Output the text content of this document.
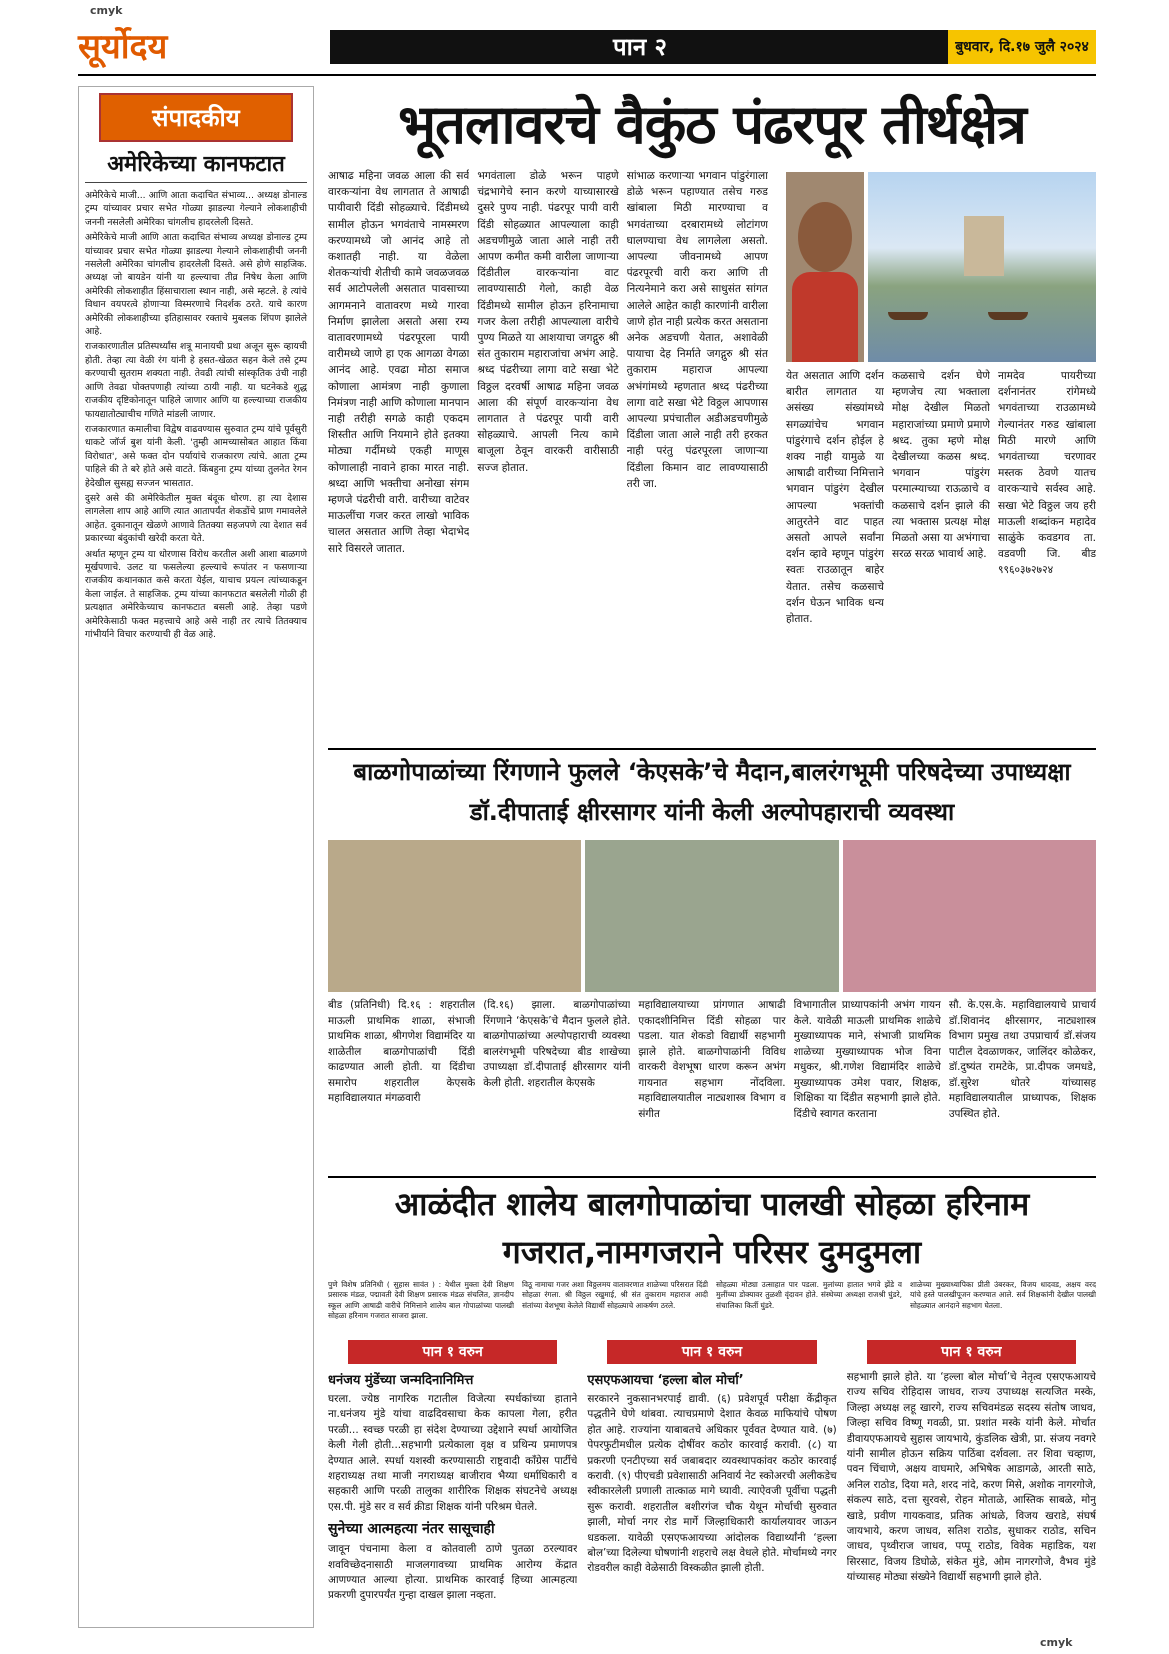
cmyk
सूर्योदय	पान २	बुधवार, दि.१७ जुलै २०२४
संपादकीय
अमेरिकेच्या कानफटात

अमेरिकेचे माजी... आणि आता कदाचित संभाव्य... अध्यक्ष डोनाल्ड ट्रम्प यांच्यावर प्रचार सभेत गोळ्या झाडल्या गेल्याने लोकशाहीची जननी नसलेली अमेरिका चांगलीच हादरलेली दिसते.

अमेरिकेचे माजी आणि आता कदाचित संभाव्य अध्यक्ष डोनाल्ड ट्रम्प यांच्यावर प्रचार सभेत गोळ्या झाडल्या गेल्याने लोकशाहीची जननी नसलेली अमेरिका चांगलीच हादरलेली दिसते. असे होणे साहजिक. अध्यक्ष जो बायडेन यांनी या हल्ल्याचा तीव्र निषेध केला आणि अमेरिकी लोकशाहीत हिंसाचाराला स्थान नाही, असे म्हटले. हे त्यांचे विधान वयपरत्वे होणाऱ्या विस्मरणाचे निदर्शक ठरते. याचे कारण अमेरिकी लोकशाहीच्या इतिहासावर रक्ताचे मुबलक शिंपण झालेले आहे.

राजकारणातील प्रतिस्पर्ध्यांस शत्रू मानायची प्रथा अजून सुरू व्हायची होती. तेव्हा त्या वेळी रंग यांनी हे हसत-खेळत सहन केले तसे ट्रम्प करण्याची सुतराम शक्यता नाही. तेवढी त्यांची सांस्कृतिक उंची नाही आणि तेवढा पोक्तपणाही त्यांच्या ठायी नाही. या घटनेकडे शुद्ध राजकीय दृष्टिकोनातून पाहिले जाणार आणि या हल्ल्याच्या राजकीय फायद्यातोट्याचीच गणिते मांडली जाणार.

राजकारणात कमालीचा विद्वेष वाढवण्यास सुरुवात ट्रम्प यांचे पूर्वसुरी धाकटे जॉर्ज बुश यांनी केली. 'तुम्ही आमच्यासोबत आहात किंवा विरोधात', असे फक्त दोन पर्यायांचे राजकारण त्यांचे. आता ट्रम्प पाहिले की ते बरे होते असे वाटते. किंबहुना ट्रम्प यांच्या तुलनेत रेगन हेदेखील सुसह्य सज्जन भासतात.

दुसरे असे की अमेरिकेतील मुक्त बंदूक धोरण. हा त्या देशास लागलेला शाप आहे आणि त्यात आतापर्यंत शेकडोंचे प्राण गमावलेले आहेत. दुकानातून खेळणे आणावे तितक्या सहजपणे त्या देशात सर्व प्रकारच्या बंदुकांची खरेदी करता येते.

अर्थात म्हणून ट्रम्प या धोरणास विरोध करतील अशी आशा बाळगणे मूर्खपणाचे. उलट या फसलेल्या हल्ल्याचे रूपांतर न फसणाऱ्या राजकीय कथानकात कसे करता येईल, याचाच प्रयत्न त्यांच्याकडून केला जाईल. ते साहजिक. ट्रम्प यांच्या कानफटात बसलेली गोळी ही प्रत्यक्षात अमेरिकेच्याच कानफटात बसली आहे. तेव्हा पडणे अमेरिकेसाठी फक्त महत्त्वाचे आहे असे नाही तर त्याचे तितक्याच गांभीर्याने विचार करण्याची ही वेळ आहे.

भूतलावरचे वैकुंठ पंढरपूर तीर्थक्षेत्र

आषाढ महिना जवळ आला की सर्व वारकऱ्यांना वेध लागतात ते आषाढी पायीवारी दिंडी सोहळ्याचे. दिंडीमध्ये सामील होऊन भगवंताचे नामस्मरण करण्यामध्ये जो आनंद आहे तो कशातही नाही. या वेळेला शेतकऱ्यांची शेतीची कामे जवळजवळ सर्व आटोपलेली असतात पावसाच्या आगमनाने वातावरण मध्ये गारवा निर्माण झालेला असतो असा रम्य वातावरणामध्ये पंढरपूरला पायी वारीमध्ये जाणे हा एक आगळा वेगळा आनंद आहे. एवढा मोठा समाज कोणाला आमंत्रण नाही कुणाला निमंत्रण नाही आणि कोणाला मानपान नाही तरीही सगळे काही एकदम शिस्तीत आणि नियमाने होते इतक्या मोठ्या गर्दीमध्ये एकही माणूस कोणालाही नावाने हाका मारत नाही. श्रध्दा आणि भक्तीचा अनोखा संगम म्हणजे पंढरीची वारी. वारीच्या वाटेवर माऊलींचा गजर करत लाखो भाविक चालत असतात आणि तेव्हा भेदाभेद सारे विसरले जातात.

भगवंताला डोळे भरून पाहणे चंद्रभागेचे स्नान करणे याच्यासारखे दुसरे पुण्य नाही. पंढरपूर पायी वारी दिंडी सोहळ्यात आपल्याला काही अडचणीमुळे जाता आले नाही तरी आपण कमीत कमी वारीला जाणाऱ्या दिंडीतील वारकऱ्यांना वाट लावण्यासाठी गेलो, काही वेळ दिंडीमध्ये सामील होऊन हरिनामाचा गजर केला तरीही आपल्याला वारीचे पुण्य मिळते या आशयाचा जगद्गुरु श्री संत तुकाराम महाराजांचा अभंग आहे. श्रध्द पंढरीच्या लागा वाटे सखा भेटे विठ्ठल दरवर्षी आषाढ महिना जवळ आला की संपूर्ण वारकऱ्यांना वेध लागतात ते पंढरपूर पायी वारी सोहळ्याचे. आपली नित्य कामे बाजूला ठेवून वारकरी वारीसाठी सज्ज होतात.

सांभाळ करणाऱ्या भगवान पांडुरंगाला डोळे भरून पहाण्यात तसेच गरुड खांबाला मिठी मारण्याचा व भगवंताच्या दरबारामध्ये लोटांगण घालण्याचा वेध लागलेला असतो. आपल्या जीवनामध्ये आपण पंढरपूरची वारी करा आणि ती नित्यनेमाने करा असे साधुसंत सांगत आलेले आहेत काही कारणांनी वारीला जाणे होत नाही प्रत्येक करत असताना अनेक अडचणी येतात, अशावेळी पायाचा देह निर्माते जगद्गुरु श्री संत तुकाराम महाराज आपल्या अभंगांमध्ये म्हणतात श्रध्द पंढरीच्या लागा वाटे सखा भेटे विठ्ठल आपणास आपल्या प्रपंचातील अडीअडचणीमुळे दिंडीला जाता आले नाही तरी हरकत नाही परंतु पंढरपूरला जाणाऱ्या दिंडीला किमान वाट लावण्यासाठी तरी जा.

येत असतात आणि दर्शन बारीत लागतात या असंख्य संख्यांमध्ये सगळ्यांचेच भगवान पांडुरंगाचे दर्शन होईल हे शक्य नाही यामुळे या आषाढी वारीच्या निमित्ताने भगवान पांडुरंग देखील आपल्या भक्तांची आतुरतेने वाट पाहत असतो आपले सर्वांना दर्शन व्हावे म्हणून पांडुरंग स्वतः राउळातून बाहेर येतात. तसेच कळसाचे दर्शन घेऊन भाविक धन्य होतात.

कळसाचे दर्शन घेणे म्हणजेच त्या भक्ताला मोक्ष देखील मिळतो महाराजांच्या प्रमाणे प्रमाणे श्रध्द. तुका म्हणे मोक्ष देखीलच्या कळस श्रध्द. भगवान पांडुरंग परमात्म्याच्या राऊळाचे व कळसाचे दर्शन झाले की त्या भक्तास प्रत्यक्ष मोक्ष मिळतो असा या अभंगाचा सरळ सरळ भावार्थ आहे.

नामदेव पायरीच्या दर्शनानंतर रांगेमध्ये भगवंताच्या राउळामध्ये गेल्यानंतर गरुड खांबाला मिठी मारणे आणि भगवंताच्या चरणावर मस्तक ठेवणे यातच वारकऱ्याचे सर्वस्व आहे. सखा भेटे विठ्ठल जय हरी माऊली शब्दांकन महादेव साळुंके कवडगव ता. वडवणी जि. बीड ९९६०३७२७२४

बाळगोपाळांच्या रिंगणाने फुलले ‘केएसके’चे मैदान,बालरंगभूमी परिषदेच्या उपाध्यक्षा डॉ.दीपाताई क्षीरसागर यांनी केली अल्पोपहाराची व्यवस्था

बीड (प्रतिनिधी) दि.१६ : शहरातील माऊली प्राथमिक शाळा, संभाजी प्राथमिक शाळा, श्रीगणेश विद्यामंदिर या शाळेतील बाळगोपाळांची दिंडी काढण्यात आली होती. या दिंडीचा समारोप शहरातील केएसके महाविद्यालयात मंगळवारी

(दि.१६) झाला. बाळगोपाळांच्या रिंगणाने ‘केएसके’चे मैदान फुलले होते. बाळगोपाळांच्या अल्पोपहाराची व्यवस्था बालरंगभूमी परिषदेच्या बीड शाखेच्या उपाध्यक्षा डॉ.दीपाताई क्षीरसागर यांनी केली होती. शहरातील केएसके

महाविद्यालयाच्या प्रांगणात आषाढी एकादशीनिमित्त दिंडी सोहळा पार पडला. यात शेकडो विद्यार्थी सहभागी झाले होते. बाळगोपाळांनी विविध वारकरी वेशभूषा धारण करून अभंग गायनात सहभाग नोंदविला. महाविद्यालयातील नाट्यशास्त्र विभाग व संगीत

विभागातील प्राध्यापकांनी अभंग गायन केले. यावेळी माऊली प्राथमिक शाळेचे मुख्याध्यापक माने, संभाजी प्राथमिक शाळेच्या मुख्याध्यापक भोज विना मधुकर, श्री.गणेश विद्यामंदिर शाळेचे मुख्याध्यापक उमेश पवार, शिक्षक, शिक्षिका या दिंडीत सहभागी झाले होते. दिंडीचे स्वागत करताना

सौ. के.एस.के. महाविद्यालयाचे प्राचार्य डॉ.शिवानंद क्षीरसागर, नाट्यशास्त्र विभाग प्रमुख तथा उपप्राचार्य डॉ.संजय पाटील देवळाणकर, जालिंदर कोळेकर, डॉ.दुष्यंत रामटेके, प्रा.दीपक जमधडे, डॉ.सुरेश धोतरे यांच्यासह महाविद्यालयातील प्राध्यापक, शिक्षक उपस्थित होते.

आळंदीत शालेय बालगोपाळांचा पालखी सोहळा हरिनाम गजरात,नामगजराने परिसर दुमदुमला

पुणे विशेष प्रतिनिधी ( सुहास सावंत ) : येथील मुक्ता देवी शिक्षण प्रसारक मंडळ, पद्मावती देवी शिक्षण प्रसारक मंडळ संचलित, ज्ञानदीप स्कूल आणि आषाढी वारीचे निमित्ताने शालेय बाल गोपाळांच्या पालखी सोहळा हरिनाम गजरात साजरा झाला.

विठू नामाचा गजर अशा विठ्ठलमय वातावरणात शाळेच्या परिसरात दिंडी सोहळा रंगला. श्री विठ्ठल रखुमाई, श्री संत तुकाराम महाराज आदी संतांच्या वेशभूषा केलेले विद्यार्थी सोहळ्याचे आकर्षण ठरले.

सोहळ्या मोठ्या उत्साहात पार पडला. मुलांच्या हातात भगवे झेंडे व मुलींच्या डोक्यावर तुळशी वृंदावन होते. संस्थेच्या अध्यक्षा राजश्री घुंडरे, संचालिका किर्ती घुंडरे.

शाळेच्या मुख्याध्यापिका प्रीती उंबरकर, विजय धादवड, अक्षय वरद यांचे हस्ते पालखीपूजन करण्यात आले. सर्व शिक्षकांनी देखील पालखी सोहळ्यात आनंदाने सहभाग घेतला.

पान १ वरुन
धनंजय मुंडेंच्या जन्मदिनानिमित्त
घरला. ज्येष्ठ नागरिक गटातील विजेत्या स्पर्धकांच्या हाताने ना.धनंजय मुंडे यांचा वाढदिवसाचा केक कापला गेला, हरीत परळी... स्वच्छ परळी हा संदेश देण्याच्या उद्देशाने स्पर्धा आयोजित केली गेली होती...सहभागी प्रत्येकाला वृक्ष व प्रथिन्य प्रमाणपत्र देण्यात आले. स्पर्धा यशस्वी करण्यासाठी राष्ट्रवादी काँग्रेस पार्टीचे शहराध्यक्ष तथा माजी नगराध्यक्ष बाजीराव भैय्या धर्माधिकारी व सहकारी आणि परळी तालुका शारीरिक शिक्षक संघटनेचे अध्यक्ष एस.पी. मुंडे सर व सर्व क्रीडा शिक्षक यांनी परिश्रम घेतले.
सुनेच्या आत्महत्या नंतर सासूचाही
जावून पंचनामा केला व कोतवाली ठाणे पुतळा ठरल्यावर शवविच्छेदनासाठी माजलगावच्या प्राथमिक आरोग्य केंद्रात आणण्यात आल्या होत्या. प्राथमिक कारवाई हिच्या आत्महत्या प्रकरणी दुपारपर्यंत गुन्हा दाखल झाला नव्हता.
पान १ वरुन
एसएफआयचा ‘हल्ला बोल मोर्चा’
सरकारने नुकसानभरपाई द्यावी. (६) प्रवेशपूर्व परीक्षा केंद्रीकृत पद्धतीने घेणे थांबवा. त्याचप्रमाणे देशात केवळ माफियांचे पोषण होत आहे. राज्यांना याबाबतचे अधिकार पूर्ववत देण्यात यावे. (७) पेपरफुटीमधील प्रत्येक दोषींवर कठोर कारवाई करावी. (८) या प्रकरणी एनटीएच्या सर्व जबाबदार व्यवस्थापकांवर कठोर कारवाई करावी. (९) पीएचडी प्रवेशासाठी अनिवार्य नेट स्कोअरची अलीकडेच स्वीकारलेली प्रणाली तात्काळ मागे घ्यावी. त्याऐवजी पूर्वीचा पद्धती सुरू करावी. शहरातील बशीरगंज चौक येथून मोर्चाची सुरुवात झाली, मोर्चा नगर रोड मार्गे जिल्हाधिकारी कार्यालयावर जाऊन धडकला. यावेळी एसएफआयच्या आंदोलक विद्यार्थ्यांनी ‘हल्ला बोल’च्या दिलेल्या घोषणांनी शहराचे लक्ष वेधले होते. मोर्चामध्ये नगर रोडवरील काही वेळेसाठी विस्कळीत झाली होती.
पान १ वरुन
सहभागी झाले होते. या ‘हल्ला बोल मोर्चा’चे नेतृत्व एसएफआयचे राज्य सचिव रोहिदास जाधव, राज्य उपाध्यक्ष सत्यजित मस्के, जिल्हा अध्यक्ष लहू खारगे, राज्य सचिवमंडळ सदस्य संतोष जाधव, जिल्हा सचिव विष्णू गवळी, प्रा. प्रशांत मस्के यांनी केले. मोर्चात डीवायएफआयचे सुहास जायभाये, कुंडलिक खेत्री, प्रा. संजय नवगरे यांनी सामील होऊन सक्रिय पाठिंबा दर्शवला. तर शिवा चव्हाण, पवन चिंचाणे, अक्षय वाघमारे, अभिषेक आडागळे, आरती साठे, अनिल राठोड, दिया मते, शरद नांदे, करण मिसे, अशोक नागरगोजे, संकल्प साठे, दत्ता सुरवसे, रोहन मोताळे, आस्तिक साबळे, मोनु खाडे, प्रवीण गायकवाड, प्रतिक आंधळे, विजय खराडे, संघर्ष जायभाये, करण जाधव, सतिश राठोड, सुधाकर राठोड, सचिन जाधव, पृथ्वीराज जाधव, पप्पू राठोड, विवेक महाडिक, यश सिरसाट, विजय डिघोळे, संकेत मुंडे, ओम नागरगोजे, वैभव मुंडे यांच्यासह मोठ्या संख्येने विद्यार्थी सहभागी झाले होते.
cmyk
